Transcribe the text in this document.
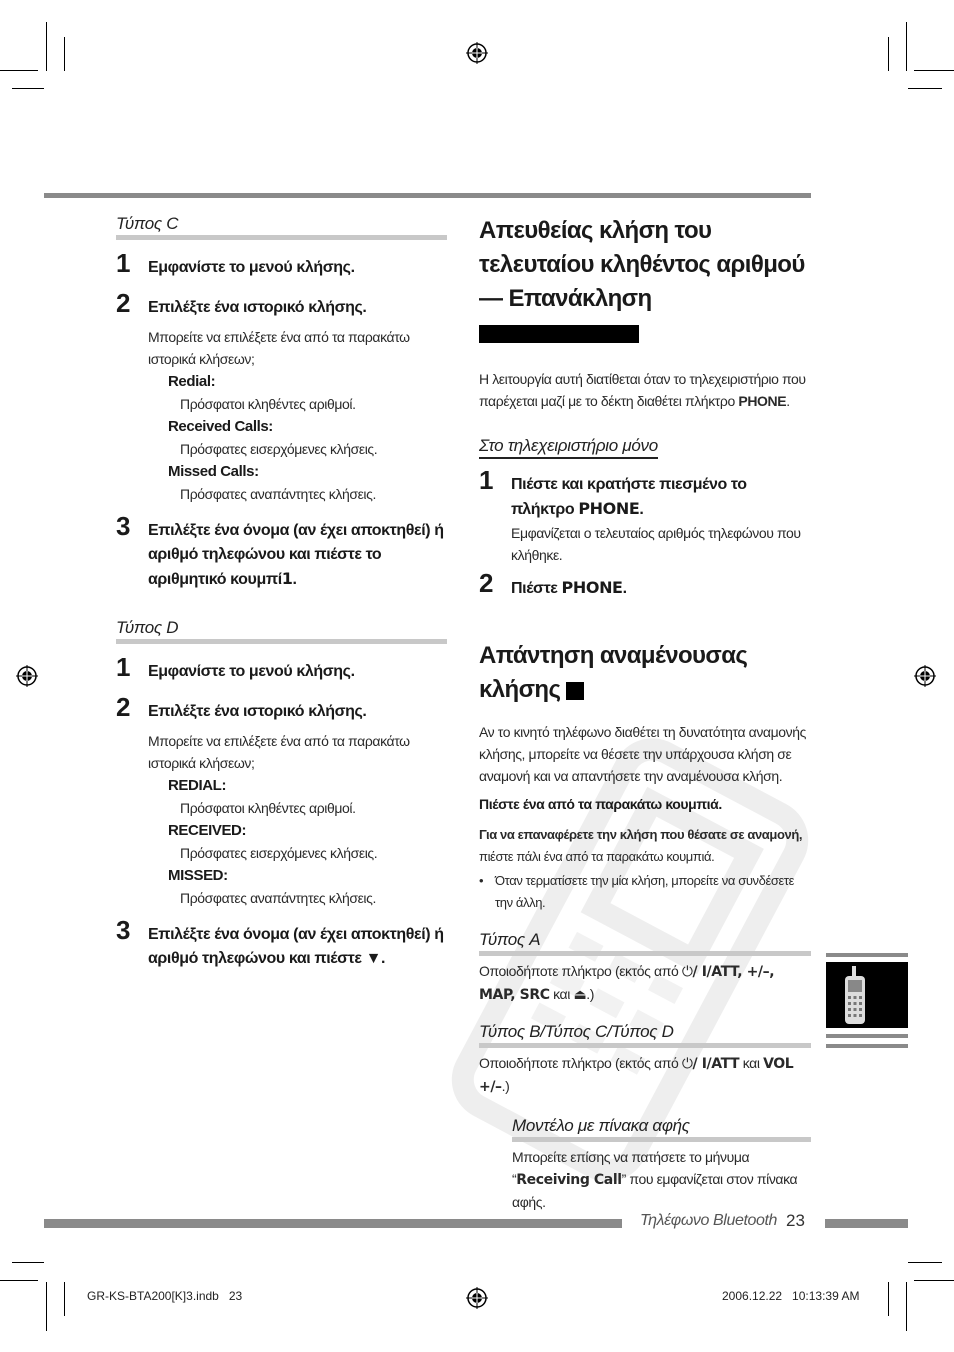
Τύπος C
1 Εμφανίστε το μενού κλήσης.
2 Επιλέξτε ένα ιστορικό κλήσης.
Μπορείτε να επιλέξετε ένα από τα παρακάτω ιστορικά κλήσεων;
Redial:
Πρόσφατοι κληθέντες αριθμοί.
Received Calls:
Πρόσφατες εισερχόμενες κλήσεις.
Missed Calls:
Πρόσφατες αναπάντητες κλήσεις.
3 Επιλέξτε ένα όνομα (αν έχει αποκτηθεί) ή αριθμό τηλεφώνου και πιέστε το αριθμητικό κουμπί1.
Τύπος D
1 Εμφανίστε το μενού κλήσης.
2 Επιλέξτε ένα ιστορικό κλήσης.
Μπορείτε να επιλέξετε ένα από τα παρακάτω ιστορικά κλήσεων;
REDIAL:
Πρόσφατοι κληθέντες αριθμοί.
RECEIVED:
Πρόσφατες εισερχόμενες κλήσεις.
MISSED:
Πρόσφατες αναπάντητες κλήσεις.
3 Επιλέξτε ένα όνομα (αν έχει αποκτηθεί) ή αριθμό τηλεφώνου και πιέστε ▼.
Απευθείας κλήση του
τελευταίου κληθέντος αριθμού
— Επανάκληση
Η λειτουργία αυτή διατίθεται όταν το τηλεχειριστήριο που παρέχεται μαζί με το δέκτη διαθέτει πλήκτρο PHONE.
Στο τηλεχειριστήριο μόνο
1 Πιέστε και κρατήστε πιεσμένο το πλήκτρο PHONE.
Εμφανίζεται ο τελευταίος αριθμός τηλεφώνου που κλήθηκε.
2 Πιέστε PHONE.
Απάντηση αναμένουσας κλήσης
Αν το κινητό τηλέφωνο διαθέτει τη δυνατότητα αναμονής κλήσης, μπορείτε να θέσετε την υπάρχουσα κλήση σε αναμονή και να απαντήσετε την αναμένουσα κλήση.
Πιέστε ένα από τα παρακάτω κουμπιά.
Για να επαναφέρετε την κλήση που θέσατε σε αναμονή, πιέστε πάλι ένα από τα παρακάτω κουμπιά.
• Όταν τερματίσετε την μία κλήση, μπορείτε να συνδέσετε την άλλη.
Τύπος A
Οποιοδήποτε πλήκτρο (εκτός από ⏻/ I/ATT, +/–, MAP, SRC και ⏏.)
Τύπος B/Τύπος C/Τύπος D
Οποιοδήποτε πλήκτρο (εκτός από ⏻/ I/ATT και VOL +/–.)
Μοντέλο με πίνακα αφής
Μπορείτε επίσης να πατήσετε το μήνυμα “Receiving Call” που εμφανίζεται στον πίνακα αφής.
Τηλέφωνο Bluetooth 23
GR-KS-BTA200[K]3.indb   23	2006.12.22   10:13:39 AM
